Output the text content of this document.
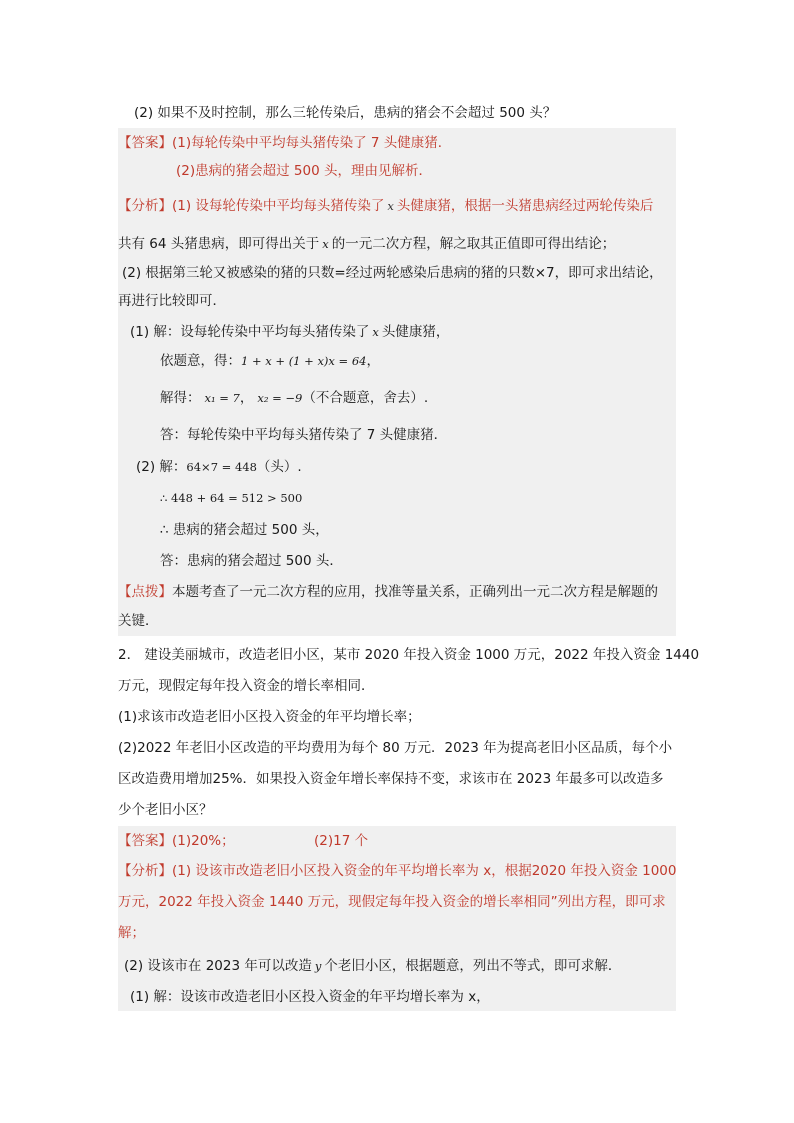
(2) 如果不及时控制，那么三轮传染后，患病的猪会不会超过 500 头？
【答案】(1)每轮传染中平均每头猪传染了 7 头健康猪．
(2)患病的猪会超过 500 头，理由见解析．
【分析】(1) 设每轮传染中平均每头猪传染了 x 头健康猪，根据一头猪患病经过两轮传染后
共有 64 头猪患病，即可得出关于 x 的一元二次方程，解之取其正值即可得出结论；
(2) 根据第三轮又被感染的猪的只数=经过两轮感染后患病的猪的只数×7，即可求出结论，
再进行比较即可．
(1) 解：设每轮传染中平均每头猪传染了 x 头健康猪，
依题意，得：1 + x + (1 + x)x = 64，
解得： x₁ = 7， x₂ = −9（不合题意，舍去）.
答：每轮传染中平均每头猪传染了 7 头健康猪．
(2) 解：64×7 = 448（头）.
∴ 448 + 64 = 512 > 500
∴ 患病的猪会超过 500 头，
答：患病的猪会超过 500 头．
【点拨】本题考查了一元二次方程的应用，找准等量关系，正确列出一元二次方程是解题的
关键．
2． 建设美丽城市，改造老旧小区，某市 2020 年投入资金 1000 万元，2022 年投入资金 1440
万元，现假定每年投入资金的增长率相同．
(1)求该市改造老旧小区投入资金的年平均增长率；
(2)2022 年老旧小区改造的平均费用为每个 80 万元．2023 年为提高老旧小区品质，每个小
区改造费用增加25%．如果投入资金年增长率保持不变，求该市在 2023 年最多可以改造多
少个老旧小区？
【答案】(1)20%；	(2)17 个
【分析】(1) 设该市改造老旧小区投入资金的年平均增长率为 x，根据2020 年投入资金 1000
万元，2022 年投入资金 1440 万元，现假定每年投入资金的增长率相同”列出方程，即可求
解；
(2) 设该市在 2023 年可以改造 y 个老旧小区，根据题意，列出不等式，即可求解．
(1) 解：设该市改造老旧小区投入资金的年平均增长率为 x，
